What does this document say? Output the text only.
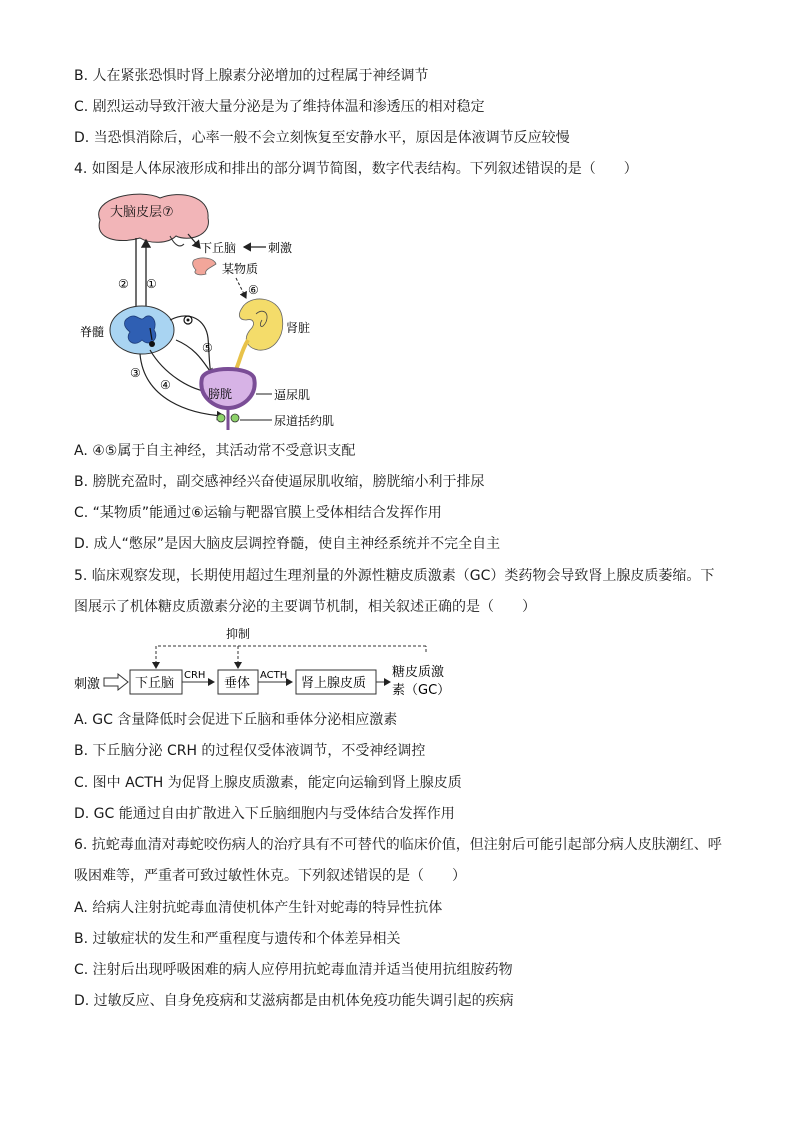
B. 人在紧张恐惧时肾上腺素分泌增加的过程属于神经调节
C. 剧烈运动导致汗液大量分泌是为了维持体温和渗透压的相对稳定
D. 当恐惧消除后，心率一般不会立刻恢复至安静水平，原因是体液调节反应较慢
4. 如图是人体尿液形成和排出的部分调节简图，数字代表结构。下列叙述错误的是（　　）
大脑皮层⑦
② ①
下丘脑	刺激
某物质
⑥
肾脏
脊髓
⑤
③
④
膀胱	逼尿肌
尿道括约肌
A. ④⑤属于自主神经，其活动常不受意识支配
B. 膀胱充盈时，副交感神经兴奋使逼尿肌收缩，膀胱缩小利于排尿
C. “某物质”能通过⑥运输与靶器官膜上受体相结合发挥作用
D. 成人“憋尿”是因大脑皮层调控脊髓，使自主神经系统并不完全自主
5. 临床观察发现，长期使用超过生理剂量的外源性糖皮质激素（GC）类药物会导致肾上腺皮质萎缩。下
图展示了机体糖皮质激素分泌的主要调节机制，相关叙述正确的是（　　）
抑制
刺激	下丘脑
CRH
垂体
ACTH
肾上腺皮质
糖皮质激
素（GC）
A. GC 含量降低时会促进下丘脑和垂体分泌相应激素
B. 下丘脑分泌 CRH 的过程仅受体液调节，不受神经调控
C. 图中 ACTH 为促肾上腺皮质激素，能定向运输到肾上腺皮质
D. GC 能通过自由扩散进入下丘脑细胞内与受体结合发挥作用
6. 抗蛇毒血清对毒蛇咬伤病人的治疗具有不可替代的临床价值，但注射后可能引起部分病人皮肤潮红、呼
吸困难等，严重者可致过敏性休克。下列叙述错误的是（　　）
A. 给病人注射抗蛇毒血清使机体产生针对蛇毒的特异性抗体
B. 过敏症状的发生和严重程度与遗传和个体差异相关
C. 注射后出现呼吸困难的病人应停用抗蛇毒血清并适当使用抗组胺药物
D. 过敏反应、自身免疫病和艾滋病都是由机体免疫功能失调引起的疾病
